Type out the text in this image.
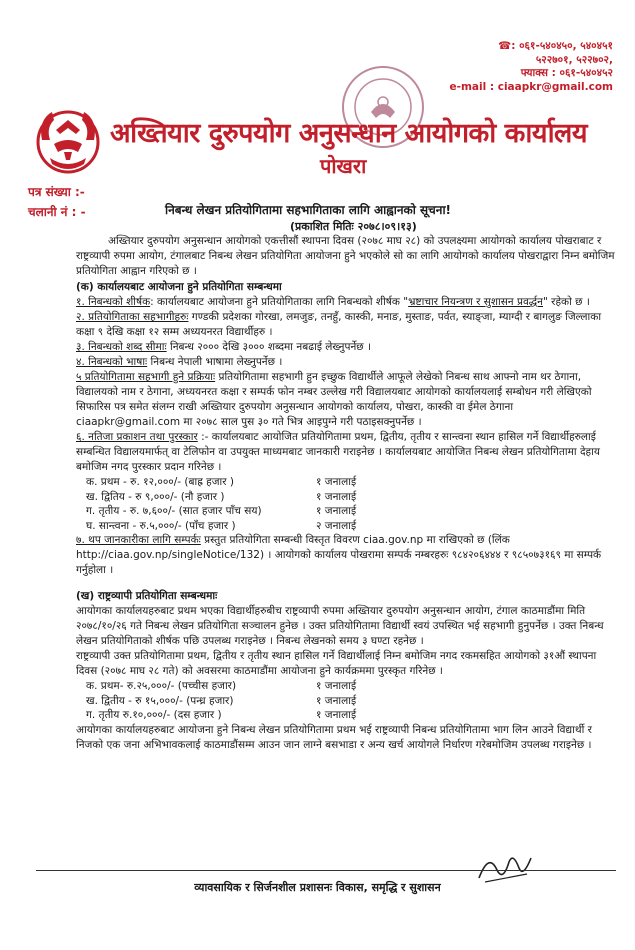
☎: ०६१-५४०४५०, ५४०४५१
५२२७०१, ५२२७०२,
फ्याक्स : ०६१-५४०४५२
e-mail : ciaapkr@gmail.com
अख्तियार दुरुपयोग अनुसन्धान आयोगको कार्यालय
पोखरा
पत्र संख्या :-
चलानी नं : -	निबन्ध लेखन प्रतियोगितामा सहभागिताका लागि आह्वानको सूचना!
(प्रकाशित मितिः २०७८।०९।१३)

अख्तियार दुरुपयोग अनुसन्धान आयोगको एकत्तीसौं स्थापना दिवस (२०७८ माघ २८) को उपलक्ष्यमा आयोगको कार्यालय पोखराबाट र राष्ट्रव्यापी रुपमा आयोग, टंगालबाट निबन्ध लेखन प्रतियोगिता आयोजना हुने भएकोले सो का लागि आयोगको कार्यालय पोखराद्वारा निम्न बमोजिम प्रतियोगिता आह्वान गरिएको छ ।

(क) कार्यालयबाट आयोजना हुने प्रतियोगिता सम्बन्धमा

१. निबन्धको शीर्षक: कार्यालयबाट आयोजना हुने प्रतियोगिताका लागि निबन्धको शीर्षक "भ्रष्टाचार नियन्त्रण र सुशासन प्रवर्द्धन" रहेको छ ।

२. प्रतियोगिताका सहभागीहरुः गण्डकी प्रदेशका गोरखा, लमजुङ, तनहुँ, कास्की, मनाङ, मुस्ताङ, पर्वत, स्याङ्जा, म्याग्दी र बागलुङ जिल्लाका कक्षा ९ देखि कक्षा १२ सम्म अध्ययनरत विद्यार्थीहरु ।

३. निबन्धको शब्द सीमाः निबन्ध २००० देखि ३००० शब्दमा नबढाई लेख्नुपर्नेछ ।

४. निबन्धको भाषाः निबन्ध नेपाली भाषामा लेख्नुपर्नेछ ।

५ प्रतियोगितामा सहभागी हुने प्रक्रियाः प्रतियोगितामा सहभागी हुन इच्छुक विद्यार्थीले आफूले लेखेको निबन्ध साथ आफ्नो नाम थर ठेगाना, विद्यालयको नाम र ठेगाना, अध्ययनरत कक्षा र सम्पर्क फोन नम्बर उल्लेख गरी विद्यालयबाट आयोगको कार्यालयलाई सम्बोधन गरी लेखिएको सिफारिस पत्र समेत संलग्न राखी अख्तियार दुरुपयोग अनुसन्धान आयोगको कार्यालय, पोखरा, कास्की वा ईमेल ठेगाना ciaapkr@gmail.com मा २०७८ साल पुस ३० गते भित्र आइपुग्ने गरी पठाइसक्नुपर्नेछ ।

६. नतिजा प्रकाशन तथा पुरस्कार :- कार्यालयबाट आयोजित प्रतियोगितामा प्रथम, द्वितीय, तृतीय र सान्त्वना स्थान हासिल गर्ने विद्यार्थीहरुलाई सम्बन्धित विद्यालयमार्फत् वा टेलिफोन वा उपयुक्त माध्यमबाट जानकारी गराइनेछ । कार्यालयबाट आयोजित निबन्ध लेखन प्रतियोगितामा देहाय बमोजिम नगद पुरस्कार प्रदान गरिनेछ ।

क. प्रथम - रु. १२,०००/- (बाह्र हजार )	१ जनालाई
ख. द्वितिय - रु ९,०००/- (नौ हजार )	१ जनालाई
ग. तृतीय - रु. ७,६००/- (सात हजार पाँच सय)	१ जनालाई
घ. सान्त्वना - रु.५,०००/- (पाँच हजार )	२ जनालाई

७. थप जानकारीका लागि सम्पर्कः प्रस्तुत प्रतियोगिता सम्बन्धी विस्तृत विवरण ciaa.gov.np मा राखिएको छ (लिंक http://ciaa.gov.np/singleNotice/132) । आयोगको कार्यालय पोखरामा सम्पर्क नम्बरहरुः ९८४२०६४४४ र ९८५०७३१६९ मा सम्पर्क गर्नुहोला ।

(ख) राष्ट्रव्यापी प्रतियोगिता सम्बन्धमाः

आयोगका कार्यालयहरुबाट प्रथम भएका विद्यार्थीहरुबीच राष्ट्रव्यापी रुपमा अख्तियार दुरुपयोग अनुसन्धान आयोग, टंगाल काठमाडौंमा मिति २०७८/१०/२६ गते निबन्ध लेखन प्रतियोगिता सञ्चालन हुनेछ । उक्त प्रतियोगितामा विद्यार्थी स्वयं उपस्थित भई सहभागी हुनुपर्नेछ । उक्त निबन्ध लेखन प्रतियोगिताको शीर्षक पछि उपलब्ध गराइनेछ । निबन्ध लेखनको समय ३ घण्टा रहनेछ ।

राष्ट्रव्यापी उक्त प्रतियोगितामा प्रथम, द्वितीय र तृतीय स्थान हासिल गर्ने विद्यार्थीलाई निम्न बमोजिम नगद रकमसहित आयोगको ३१औं स्थापना दिवस (२०७८ माघ २८ गते) को अवसरमा काठमाडौंमा आयोजना हुने कार्यक्रममा पुरस्कृत गरिनेछ ।

क. प्रथम- रु.२५,०००/- (पच्चीस हजार)	१ जनालाई
ख. द्वितीय - रु १५,०००/- (पन्ध्र हजार)	१ जनालाई
ग. तृतीय रु.१०,०००/- (दस हजार )	१ जनालाई

आयोगका कार्यालयहरुबाट आयोजना हुने निबन्ध लेखन प्रतियोगितामा प्रथम भई राष्ट्रव्यापी निबन्ध प्रतियोगितामा भाग लिन आउने विद्यार्थी र निजको एक जना अभिभावकलाई काठमाडौंसम्म आउन जान लाग्ने बसभाडा र अन्य खर्च आयोगले निर्धारण गरेबमोजिम उपलब्ध गराइनेछ ।

व्यावसायिक र सिर्जनशील प्रशासनः विकास, समृद्धि र सुशासन
